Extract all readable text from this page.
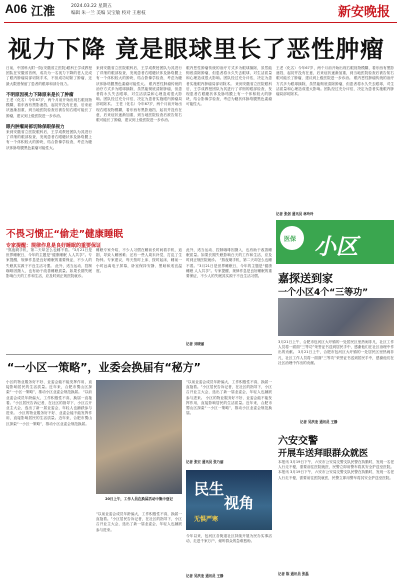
A06 江淮	2024.03.22 星期五
编辑 朱一兰 美编 吴宝敏 校对 王惠枝	新安晚报
视力下降 竟是眼球里长了恶性肿瘤
日前，中国科大附一院(安徽省立医院)眼科王学成教授团队在安徽省首例，成功为一名视力下降的老人完成了眼内肿瘤局部切除手术，不但成功切除了肿瘤，还最大限度保留了患者的眼球和部分视力。
不明原因视力下降原来是长了肿瘤
王老（化名）今年67岁，两个月前开始出现右眼视物模糊，看东西有黑影遮挡，起初并没有在意，后来症状逐渐加重，到当地医院检查后被告知右眼可能长了肿瘤，建议到上级医院进一步诊治。
眼内肿瘤局部切除保眼保视力
来到安徽省立医院眼科后，王学成教授团队为其进行了详细的眼部检查，发现患者右眼睫状体及脉络膜上有一个体积较大的肿块，结合影像学检查，考虑为睫状体脉络膜黑色素瘤可能性大。
来到安徽省立医院眼科后，王学成教授团队为其进行了详细的眼部检查，发现患者右眼睫状体及脉络膜上有一个体积较大的肿块，结合影像学检查，考虑为睫状体脉络膜黑色素瘤可能性大。 眼内恶性肿瘤传统的治疗方式多为眼球摘除，虽然能彻底清除肿瘤，但患者将永久失去眼球，对生活质量和心理造成很大影响。团队经过充分评估，决定为患者实施眼内肿瘤局部切除术。 王老（化名）今年67岁，两个月前开始出现右眼视物模糊，看东西有黑影遮挡，起初并没有在意，后来症状逐渐加重，到当地医院检查后被告知右眼可能长了肿瘤，建议到上级医院进一步诊治。
眼内恶性肿瘤传统的治疗方式多为眼球摘除，虽然能彻底清除肿瘤，但患者将永久失去眼球，对生活质量和心理造成很大影响。团队经过充分评估，决定为患者实施眼内肿瘤局部切除术。 来到安徽省立医院眼科后，王学成教授团队为其进行了详细的眼部检查，发现患者右眼睫状体及脉络膜上有一个体积较大的肿块，结合影像学检查，考虑为睫状体脉络膜黑色素瘤可能性大。
王老（化名）今年67岁，两个月前开始出现右眼视物模糊，看东西有黑影遮挡，起初并没有在意，后来症状逐渐加重，到当地医院检查后被告知右眼可能长了肿瘤，建议到上级医院进一步诊治。 眼内恶性肿瘤传统的治疗方式多为眼球摘除，虽然能彻底清除肿瘤，但患者将永久失去眼球，对生活质量和心理造成很大影响。团队经过充分评估，决定为患者实施眼内肿瘤局部切除术。
记者 张剑 通讯员 林玲玲
医保 小区
嘉探送到家
一个小区4个“三等功”
3月21日上午，合肥市包河区大圩镇的一处居民区里热闹非凡，社区工作人员将一面面“三等功”荣誉证书送到居民手中，感谢他们在社区治理中作出的贡献。 3月21日上午，合肥市包河区大圩镇的一处居民区里热闹非凡，社区工作人员将一面面“三等功”荣誉证书送到居民手中，感谢他们在社区治理中作出的贡献。
记者 吴洪奎 通讯员 王静
六安交警
开展车送拜眼群众就医
本报讯 3月19日下午，六安市公安局交警支队民警在执勤时，发现一名老人行走不便，需要前往医院就医，民警立即用警车将其安全护送至医院。 本报讯 3月19日下午，六安市公安局交警支队民警在执勤时，发现一名老人行走不便，需要前往医院就医，民警立即用警车将其安全护送至医院。
记者 陈 通讯员 张磊
“一小区一策略”，业委会换届有“秘方”
小区的物业服务好不好、业委会能不能发挥作用，直接影响居民的生活质量。近年来，合肥市蜀山区探索“一小区一策略”，推动小区业委会规范换届。 “以前业委会成员年龄偏大，工作积极性不高，换届一直拖着。”小区居民告诉记者，在社区的指导下，小区召开业主大会，选出了新一届业委会，年轻人也踊跃参与进来。 小区的物业服务好不好、业委会能不能发挥作用，直接影响居民的生活质量。近年来，合肥市蜀山区探索“一小区一策略”，推动小区业委会规范换届。
20日上午，工作人员在换届活动中集中登记
“以前业委会成员年龄偏大，工作积极性不高，换届一直拖着。”小区居民告诉记者，在社区的指导下，小区召开业主大会，选出了新一届业委会，年轻人也踊跃参与进来。
“以前业委会成员年龄偏大，工作积极性不高，换届一直拖着。”小区居民告诉记者，在社区的指导下，小区召开业主大会，选出了新一届业委会，年轻人也踊跃参与进来。 小区的物业服务好不好、业委会能不能发挥作用，直接影响居民的生活质量。近年来，合肥市蜀山区探索“一小区一策略”，推动小区业委会规范换届。
记者 张宏 通讯员 张乃丽
民生
视角
无惧严寒
今年以来，包河区各街道社区持续开展为民办实事活动，走进千家万户，倾听群众的急难愁盼。
记者 吴洪奎 通讯员 王静
不畏习惯正“偷走”健康睡眠
专家提醒：规律作息是良好睡眠的重要保证
“熬夜刷手机，第二天却怎么也睡不着。”3月21日是世界睡眠日，今年的主题是“健康睡眠 人人共享”。专家提醒，规律作息是良好睡眠的重要保证，不少人的失眠其实源于不良生活习惯。 此外，适当运动、控制咖啡因摄入，也有助于改善睡眠质量。如果长期失眠影响白天的工作和生活，应及时到正规医院就诊。
睡眠专家介绍，不少人习惯在睡前长时间看手机、追剧，导致入睡困难；还有一些人周末补觉，打乱了生物钟。专家建议，每天按时上床、按时起床，睡前一小时远离电子屏幕，卧室保持安静、黑暗和适宜温度。
此外，适当运动、控制咖啡因摄入，也有助于改善睡眠质量。如果长期失眠影响白天的工作和生活，应及时到正规医院就诊。 “熬夜刷手机，第二天却怎么也睡不着。”3月21日是世界睡眠日，今年的主题是“健康睡眠 人人共享”。专家提醒，规律作息是良好睡眠的重要保证，不少人的失眠其实源于不良生活习惯。
记者 刘晓丽
